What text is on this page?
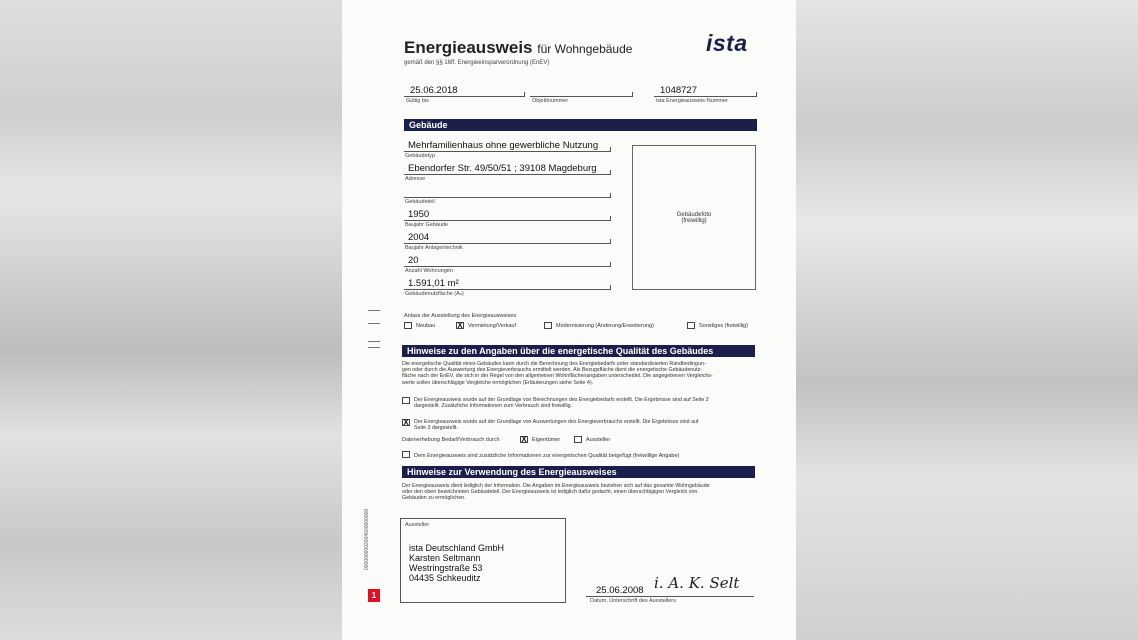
Energieausweis für Wohngebäude
gemäß den §§ 16ff. Energieeinsparverordnung (EnEV)
ista
25.06.2018
Gültig bis	Objektnummer
1048727
ista Energieausweis-Nummer
Gebäude
Mehrfamilienhaus ohne gewerbliche Nutzung
Gebäudetyp
Ebendorfer Str. 49/50/51 ; 39108 Magdeburg
Adresse
Gebäudeteil
1950
Baujahr Gebäude
2004
Baujahr Anlagentechnik
20
Anzahl Wohnungen
1.591,01 m²
Gebäudenutzfläche (Aₙ)
Gebäudefoto
(freiwillig)
Anlass der Ausstellung des Energieausweises
Neubau	X Vermietung/Verkauf	Modernisierung (Änderung/Erweiterung)	Sonstiges (freiwillig)
Hinweise zu den Angaben über die energetische Qualität des Gebäudes
Die energetische Qualität eines Gebäudes kann durch die Berechnung des Energiebedarfs unter standardisierten Randbedingun-
gen oder durch die Auswertung des Energieverbrauchs ermittelt werden. Als Bezugsfläche dient die energetische Gebäudenutz-
fläche nach der EnEV, die sich in der Regel von den allgemeinen Wohnflächenangaben unterscheidet. Die angegebenen Vergleichs-
werte sollen überschlägige Vergleiche ermöglichen (Erläuterungen siehe Seite 4).
Der Energieausweis wurde auf der Grundlage von Berechnungen des Energiebedarfs erstellt. Die Ergebnisse sind auf Seite 2
dargestellt. Zusätzliche Informationen zum Verbrauch sind freiwillig.
X Der Energieausweis wurde auf der Grundlage von Auswertungen des Energieverbrauchs erstellt. Die Ergebnisse sind auf
Seite 3 dargestellt.
Datenerhebung Bedarf/Verbrauch durch	X Eigentümer	Aussteller
Dem Energieausweis sind zusätzliche Informationen zur energetischen Qualität beigefügt (freiwillige Angabe)
Hinweise zur Verwendung des Energieausweises
Der Energieausweis dient lediglich der Information. Die Angaben im Energieausweis beziehen sich auf das gesamte Wohngebäude
oder den oben bezeichneten Gebäudeteil. Der Energieausweis ist lediglich dafür gedacht, einen überschlägigen Vergleich von
Gebäuden zu ermöglichen.
0000000002004600000000	Aussteller
ista Deutschland GmbH
Karsten Seltmann
Westringstraße 53
04435 Schkeuditz
25.06.2008 i. A. K. Selt
Datum, Unterschrift des Ausstellers
1
